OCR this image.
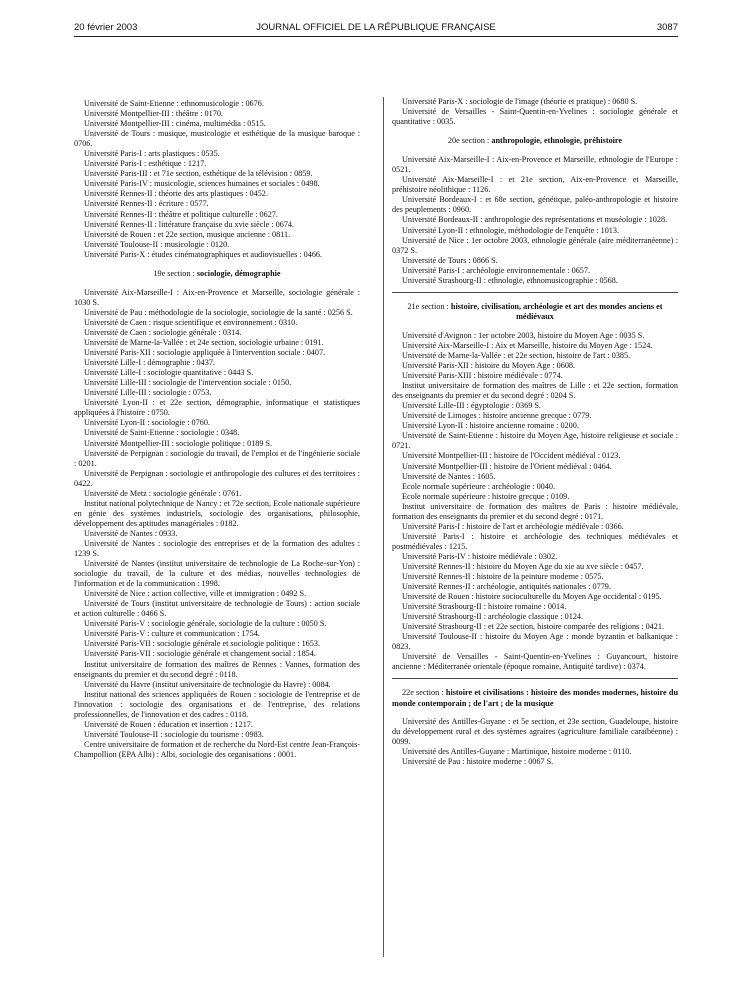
20 février 2003	JOURNAL OFFICIEL DE LA RÉPUBLIQUE FRANÇAISE	3087

Université de Saint-Etienne : ethnomusicologie : 0676.

Université Montpellier-III : théâtre : 0170.

Université Montpellier-III : cinéma, multimédia : 0515.

Université de Tours : musique, musicologie et esthétique de la musique baroque : 0706.

Université Paris-I : arts plastiques : 0535.

Université Paris-I : esthétique : 1217.

Université Paris-III : et 71e section, esthétique de la télévision : 0859.

Université Paris-IV : musicologie, sciences humaines et sociales : 0498.

Université Rennes-II : théorie des arts plastiques : 0452.

Université Rennes-II : écriture : 0577.

Université Rennes-II : théâtre et politique culturelle : 0627.

Université Rennes-II : littérature française du xvie siècle : 0674.

Université de Rouen : et 22e section, musique ancienne : 0811.

Université Toulouse-II : musicologie : 0120.

Université Paris-X : études cinématographiques et audiovisuelles : 0466.

19e section : sociologie, démographie

Université Aix-Marseille-I : Aix-en-Provence et Marseille, sociologie générale : 1030 S.

Université de Pau : méthodologie de la sociologie, sociologie de la santé : 0256 S.

Université de Caen : risque scientifique et environnement : 0310.

Université de Caen : sociologie générale : 0314.

Université de Marne-la-Vallée : et 24e section, sociologie urbaine : 0191.

Université Paris-XII : sociologie appliquée à l'intervention sociale : 0407.

Université Lille-I : démographie : 0437.

Université Lille-I : sociologie quantitative : 0443 S.

Université Lille-III : sociologie de l'intervention sociale : 0150.

Université Lille-III : sociologie : 0753.

Université Lyon-II : et 22e section, démographie, informatique et statistiques appliquées à l'histoire : 0750.

Université Lyon-II : sociologie : 0760.

Université de Saint-Etienne : sociologie : 0348.

Université Montpellier-III : sociologie politique : 0189 S.

Université de Perpignan : sociologie du travail, de l'emploi et de l'ingénierie sociale : 0201.

Université de Perpignan : sociologie et anthropologie des cultures et des territoires : 0422.

Université de Metz : sociologie générale : 0761.

Institut national polytechnique de Nancy : et 72e section, Ecole nationale supérieure en génie des systèmes industriels, sociologie des organisations, philosophie, développement des aptitudes managériales : 0182.

Université de Nantes : 0933.

Université de Nantes : sociologie des entreprises et de la formation des adultes : 1239 S.

Université de Nantes (institut universitaire de technologie de La Roche-sur-Yon) : sociologie du travail, de la culture et des médias, nouvelles technologies de l'information et de la communication : 1998.

Université de Nice : action collective, ville et immigration : 0492 S.

Université de Tours (institut universitaire de technologie de Tours) : action sociale et action culturelle : 0466 S.

Université Paris-V : sociologie générale, sociologie de la culture : 0050 S.

Université Paris-V : culture et communication : 1754.

Université Paris-VII : sociologie générale et sociologie politique : 1653.

Université Paris-VII : sociologie générale et changement social : 1854.

Institut universitaire de formation des maîtres de Rennes : Vannes, formation des enseignants du premier et du second degré : 0118.

Université du Havre (institut universitaire de technologie du Havre) : 0084.

Institut national des sciences appliquées de Rouen : sociologie de l'entreprise et de l'innovation : sociologie des organisations et de l'entreprise, des relations professionnelles, de l'innovation et des cadres : 0118.

Université de Rouen : éducation et insertion : 1217.

Université Toulouse-II : sociologie du tourisme : 0983.

Centre universitaire de formation et de recherche du Nord-Est centre Jean-François-Champollion (EPA Albi) : Albi, sociologie des organisations : 0001.

Université Paris-X : sociologie de l'image (théorie et pratique) : 0680 S.

Université de Versailles - Saint-Quentin-en-Yvelines : sociologie générale et quantitative : 0035.

20e section : anthropologie, ethnologie, préhistoire

Université Aix-Marseille-I : Aix-en-Provence et Marseille, ethnologie de l'Europe : 0521.

Université Aix-Marseille-I : et 21e section, Aix-en-Provence et Marseille, préhistoire néolithique : 1126.

Université Bordeaux-I : et 68e section, génétique, paléo-anthropologie et histoire des peuplements : 0960.

Université Bordeaux-II : anthropologie des représentations et muséologie : 1028.

Université Lyon-II : ethnologie, méthodologie de l'enquête : 1013.

Université de Nice : 1er octobre 2003, ethnologie générale (aire méditerranéenne) : 0372 S.

Université de Tours : 0866 S.

Université Paris-I : archéologie environnementale : 0657.

Université Strasbourg-II : ethnologie, ethnomusicographie : 0568.

21e section : histoire, civilisation, archéologie et art des mondes anciens et médiévaux

Université d'Avignon : 1er octobre 2003, histoire du Moyen Age : 0035 S.

Université Aix-Marseille-I : Aix et Marseille, histoire du Moyen Age : 1524.

Université de Marne-la-Vallée : et 22e section, histoire de l'art : 0385.

Université Paris-XII : histoire du Moyen Age : 0608.

Université Paris-XIII : histoire médiévale : 0774.

Institut universitaire de formation des maîtres de Lille : et 22e section, formation des enseignants du premier et du second degré : 0204 S.

Université Lille-III : égyptologie : 0369 S.

Université de Limoges : histoire ancienne grecque : 0779.

Université Lyon-II : histoire ancienne romaine : 0200.

Université de Saint-Etienne : histoire du Moyen Age, histoire religieuse et sociale : 0721.

Université Montpellier-III : histoire de l'Occident médiéval : 0123.

Université Montpellier-III : histoire de l'Orient médiéval : 0464.

Université de Nantes : 1605.

Ecole normale supérieure : archéologie : 0040.

Ecole normale supérieure : histoire grecque : 0109.

Institut universitaire de formation des maîtres de Paris : histoire médiévale, formation des enseignants du premier et du second degré : 0171.

Université Paris-I : histoire de l'art et archéologie médiévale : 0366.

Université Paris-I : histoire et archéologie des techniques médiévales et postmédiévales : 1215.

Université Paris-IV : histoire médiévale : 0302.

Université Rennes-II : histoire du Moyen Age du xie au xve siècle : 0457.

Université Rennes-II : histoire de la peinture moderne : 0575.

Université Rennes-II : archéologie, antiquités nationales : 0779.

Université de Rouen : histoire socioculturelle du Moyen Age occidental : 0195.

Université Strasbourg-II : histoire romaine : 0014.

Université Strasbourg-II : archéologie classique : 0124.

Université Strasbourg-II : et 22e section, histoire comparée des religions : 0421.

Université Toulouse-II : histoire du Moyen Age : monde byzantin et balkanique : 0823.

Université de Versailles - Saint-Quentin-en-Yvelines : Guyancourt, histoire ancienne : Méditerranée orientale (époque romaine, Antiquité tardive) : 0374.

22e section : histoire et civilisations : histoire des mondes modernes, histoire du monde contemporain ; de l'art ; de la musique

Université des Antilles-Guyane : et 5e section, et 23e section, Guadeloupe, histoire du développement rural et des systèmes agraires (agriculture familiale caraïbéenne) : 0099.

Université des Antilles-Guyane : Martinique, histoire moderne : 0110.

Université de Pau : histoire moderne : 0067 S.
